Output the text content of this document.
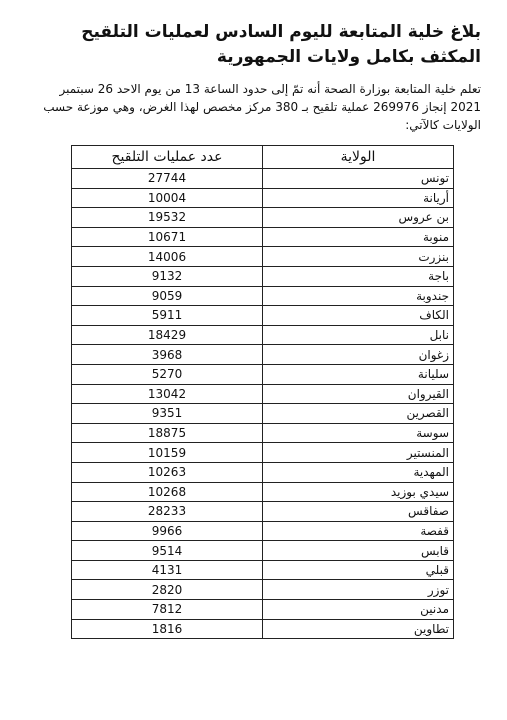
بلاغ خلية المتابعة لليوم السادس لعمليات التلقيح المكثف بكامل ولايات الجمهورية

تعلم خلية المتابعة بوزارة الصحة أنه تمّ إلى حدود الساعة 13 من يوم الاحد 26 سبتمبر 2021 إنجاز 269976 عملية تلقيح بـ 380 مركز مخصص لهذا الغرض، وهي موزعة حسب الولايات كالآتي:

الولاية	عدد عمليات التلقيح
تونس	27744
أريانة	10004
بن عروس	19532
منوبة	10671
بنزرت	14006
باجة	9132
جندوبة	9059
الكاف	5911
نابل	18429
زغوان	3968
سليانة	5270
القيروان	13042
القصرين	9351
سوسة	18875
المنستير	10159
المهدية	10263
سيدي بوزيد	10268
صفاقس	28233
قفصة	9966
قابس	9514
قبلي	4131
توزر	2820
مدنين	7812
تطاوين	1816
